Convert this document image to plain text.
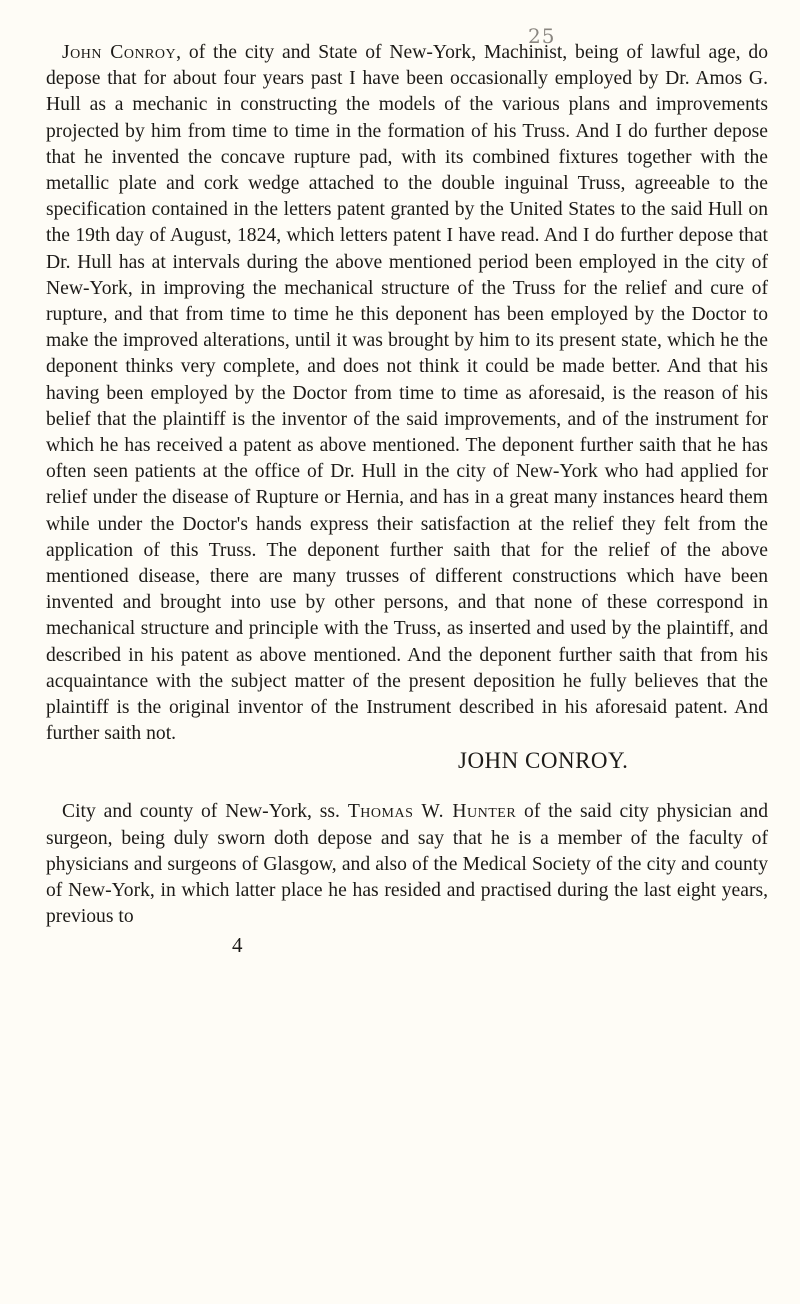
25

John Conroy, of the city and State of New-York, Machinist, being of lawful age, do depose that for about four years past I have been occasionally employed by Dr. Amos G. Hull as a mechanic in constructing the models of the various plans and improvements projected by him from time to time in the formation of his Truss. And I do further depose that he invented the concave rupture pad, with its combined fixtures together with the metallic plate and cork wedge attached to the double inguinal Truss, agreeable to the specification contained in the letters patent granted by the United States to the said Hull on the 19th day of August, 1824, which letters patent I have read. And I do further depose that Dr. Hull has at intervals during the above mentioned period been employed in the city of New-York, in improving the mechanical structure of the Truss for the relief and cure of rupture, and that from time to time he this deponent has been employed by the Doctor to make the improved alterations, until it was brought by him to its present state, which he the deponent thinks very complete, and does not think it could be made better. And that his having been employed by the Doctor from time to time as aforesaid, is the reason of his belief that the plaintiff is the inventor of the said improvements, and of the instrument for which he has received a patent as above mentioned. The deponent further saith that he has often seen patients at the office of Dr. Hull in the city of New-York who had applied for relief under the disease of Rupture or Hernia, and has in a great many instances heard them while under the Doctor's hands express their satisfaction at the relief they felt from the application of this Truss. The deponent further saith that for the relief of the above mentioned disease, there are many trusses of different constructions which have been invented and brought into use by other persons, and that none of these correspond in mechanical structure and principle with the Truss, as inserted and used by the plaintiff, and described in his patent as above mentioned. And the deponent further saith that from his acquaintance with the subject matter of the present deposition he fully believes that the plaintiff is the original inventor of the Instrument described in his aforesaid patent. And further saith not.

JOHN CONROY.

City and county of New-York, ss. Thomas W. Hunter of the said city physician and surgeon, being duly sworn doth depose and say that he is a member of the faculty of physicians and surgeons of Glasgow, and also of the Medical Society of the city and county of New-York, in which latter place he has resided and practised during the last eight years, previous to

4
